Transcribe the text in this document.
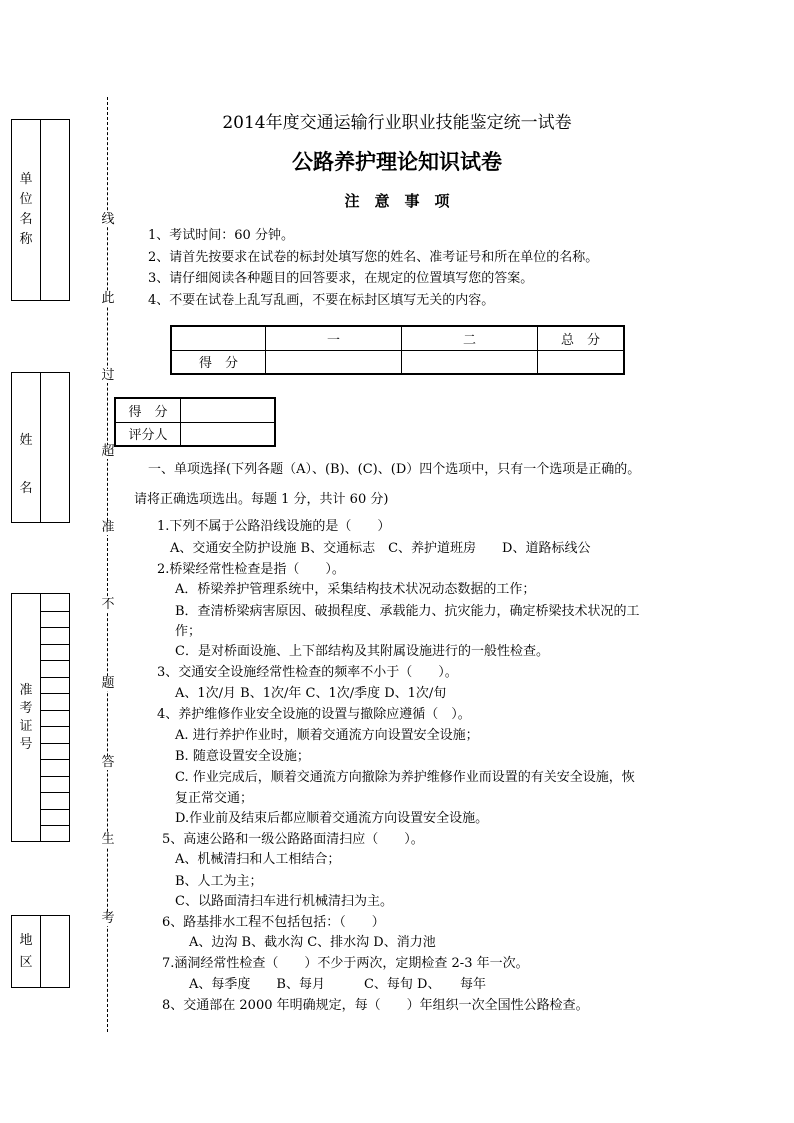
单
位
名
称
姓
名
准
考
证
号
地
区
线
此
过
超
准
不
题
答
生
考
2014年度交通运输行业职业技能鉴定统一试卷
公路养护理论知识试卷
注　意　事　项
1、考试时间：60 分钟。
2、请首先按要求在试卷的标封处填写您的姓名、准考证号和所在单位的名称。
3、请仔细阅读各种题目的回答要求，在规定的位置填写您的答案。
4、不要在试卷上乱写乱画，不要在标封区填写无关的内容。
	一	二	总　分
得　分			
得　分	
评分人	
一、单项选择(下列各题（A）、(B)、(C)、(D）四个选项中，只有一个选项是正确的。
请将正确选项选出。每题 1 分，共计 60 分)
1.下列不属于公路沿线设施的是（　　）
A、交通安全防护设施 B、交通标志　C、养护道班房　　D、道路标线公
2.桥梁经常性检查是指（　　）。
A．桥梁养护管理系统中，采集结构技术状况动态数据的工作；
B．查清桥梁病害原因、破损程度、承载能力、抗灾能力，确定桥梁技术状况的工
作；
C．是对桥面设施、上下部结构及其附属设施进行的一般性检查。
3、交通安全设施经常性检查的频率不小于（　　）。
A、1次/月 B、1次/年 C、1次/季度 D、1次/旬
4、养护维修作业安全设施的设置与撤除应遵循（　）。
A. 进行养护作业时，顺着交通流方向设置安全设施；
B. 随意设置安全设施；
C. 作业完成后，顺着交通流方向撤除为养护维修作业而设置的有关安全设施，恢
复正常交通；
D.作业前及结束后都应顺着交通流方向设置安全设施。
5、高速公路和一级公路路面清扫应（　　）。
A、机械清扫和人工相结合；
B、人工为主；
C、以路面清扫车进行机械清扫为主。
6、路基排水工程不包括包括：（　　）
A、边沟 B、截水沟 C、排水沟 D、消力池
7.涵洞经常性检查（　　）不少于两次，定期检查 2-3 年一次。
A、每季度　　B、每月　　　C、每旬 D、　　每年
8、交通部在 2000 年明确规定，每（　　）年组织一次全国性公路检查。
